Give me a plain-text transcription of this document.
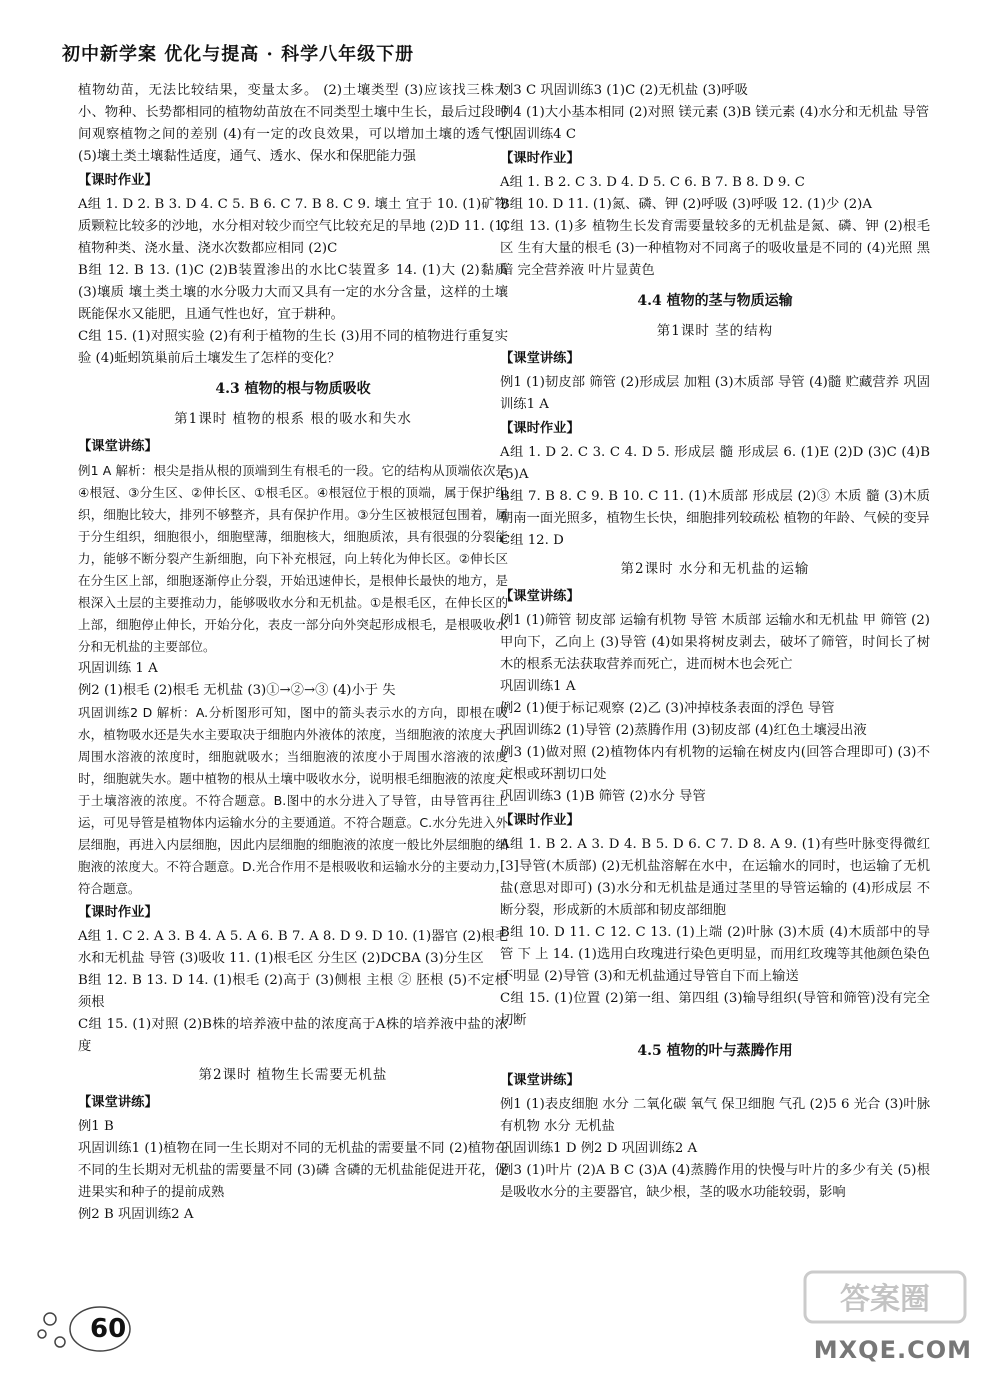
初中新学案 优化与提高 · 科学八年级下册
植物幼苗，无法比较结果，变量太多。 (2)土壤类型 (3)应该找三株大小、物种、长势都相同的植物幼苗放在不同类型土壤中生长，最后过段时间观察植物之间的差别 (4)有一定的改良效果，可以增加土壤的透气性 (5)壤土类土壤黏性适度，通气、透水、保水和保肥能力强
【 课时作业 】
A组 1. D 2. B 3. D 4. C 5. B 6. C 7. B 8. C 9. 壤土 宜于 10. (1)矿物质颗粒比较多的沙地，水分相对较少而空气比较充足的旱地 (2)D 11. (1)植物种类、浇水量、浇水次数都应相同 (2)C
B组 12. B 13. (1)C (2)B装置渗出的水比C装置多 14. (1)大 (2)黏质 (3)壤质 壤土类土壤的水分吸力大而又具有一定的水分含量，这样的土壤既能保水又能肥，且通气性也好，宜于耕种。
C组 15. (1)对照实验 (2)有利于植物的生长 (3)用不同的植物进行重复实验 (4)蚯蚓筑巢前后土壤发生了怎样的变化？
4.3 植物的根与物质吸收
第1课时 植物的根系 根的吸水和失水
【 课堂讲练 】
例1 A 解析：根尖是指从根的顶端到生有根毛的一段。它的结构从顶端依次是④根冠、③分生区、②伸长区、①根毛区。④根冠位于根的顶端，属于保护组织，细胞比较大，排列不够整齐，具有保护作用。③分生区被根冠包围着，属于分生组织，细胞很小，细胞壁薄，细胞核大，细胞质浓，具有很强的分裂能力，能够不断分裂产生新细胞，向下补充根冠，向上转化为伸长区。②伸长区在分生区上部，细胞逐渐停止分裂，开始迅速伸长，是根伸长最快的地方，是根深入土层的主要推动力，能够吸收水分和无机盐。①是根毛区，在伸长区的上部，细胞停止伸长，开始分化，表皮一部分向外突起形成根毛，是根吸收水分和无机盐的主要部位。
巩固训练 1 A
例2 (1)根毛 (2)根毛 无机盐 (3)①→②→③ (4)小于 失
巩固训练2 D 解析：A.分析图形可知，图中的箭头表示水的方向，即根在吸水，植物吸水还是失水主要取决于细胞内外液体的浓度，当细胞液的浓度大于周围水溶液的浓度时，细胞就吸水；当细胞液的浓度小于周围水溶液的浓度时，细胞就失水。题中植物的根从土壤中吸收水分，说明根毛细胞液的浓度大于土壤溶液的浓度。不符合题意。B.图中的水分进入了导管，由导管再往上运，可见导管是植物体内运输水分的主要通道。不符合题意。C.水分先进入外层细胞，再进入内层细胞，因此内层细胞的细胞液的浓度一般比外层细胞的细胞液的浓度大。不符合题意。D.光合作用不是根吸收和运输水分的主要动力，符合题意。
【 课时作业 】
A组 1. C 2. A 3. B 4. A 5. A 6. B 7. A 8. D 9. D 10. (1)器官 (2)根毛 水和无机盐 导管 (3)吸收 11. (1)根毛区 分生区 (2)DCBA (3)分生区
B组 12. B 13. D 14. (1)根毛 (2)高于 (3)侧根 主根 ② 胚根 (5)不定根 须根
C组 15. (1)对照 (2)B株的培养液中盐的浓度高于A株的培养液中盐的浓度
第2课时 植物生长需要无机盐
【 课堂讲练 】
例1 B
巩固训练1 (1)植物在同一生长期对不同的无机盐的需要量不同 (2)植物在不同的生长期对无机盐的需要量不同 (3)磷 含磷的无机盐能促进开花，促进果实和种子的提前成熟
例2 B 巩固训练2 A
例3 C 巩固训练3 (1)C (2)无机盐 (3)呼吸
例4 (1)大小基本相同 (2)对照 镁元素 (3)B 镁元素 (4)水分和无机盐 导管
巩固训练4 C
【 课时作业 】
A组 1. B 2. C 3. D 4. D 5. C 6. B 7. B 8. D 9. C
B组 10. D 11. (1)氮、磷、钾 (2)呼吸 (3)呼吸 12. (1)少 (2)A
C组 13. (1)多 植物生长发育需要量较多的无机盐是氮、磷、钾 (2)根毛区 生有大量的根毛 (3)一种植物对不同离子的吸收量是不同的 (4)光照 黑暗 完全营养液 叶片显黄色
4.4 植物的茎与物质运输
第1课时 茎的结构
【 课堂讲练 】
例1 (1)韧皮部 筛管 (2)形成层 加粗 (3)木质部 导管 (4)髓 贮藏营养 巩固训练1 A
【 课时作业 】
A组 1. D 2. C 3. C 4. D 5. 形成层 髓 形成层 6. (1)E (2)D (3)C (4)B (5)A
B组 7. B 8. C 9. B 10. C 11. (1)木质部 形成层 (2)③ 木质 髓 (3)木质 朝南一面光照多，植物生长快，细胞排列较疏松 植物的年龄、气候的变异
C组 12. D
第2课时 水分和无机盐的运输
【 课堂讲练 】
例1 (1)筛管 韧皮部 运输有机物 导管 木质部 运输水和无机盐 甲 筛管 (2)甲向下，乙向上 (3)导管 (4)如果将树皮剥去，破坏了筛管，时间长了树木的根系无法获取营养而死亡，进而树木也会死亡
巩固训练1 A
例2 (1)便于标记观察 (2)乙 (3)冲掉枝条表面的浮色 导管
巩固训练2 (1)导管 (2)蒸腾作用 (3)韧皮部 (4)红色土壤浸出液
例3 (1)做对照 (2)植物体内有机物的运输在树皮内(回答合理即可) (3)不定根或环割切口处
巩固训练3 (1)B 筛管 (2)水分 导管
【 课时作业 】
A组 1. B 2. A 3. D 4. B 5. D 6. C 7. D 8. A 9. (1)有些叶脉变得微红 [3]导管(木质部) (2)无机盐溶解在水中，在运输水的同时，也运输了无机盐(意思对即可) (3)水分和无机盐是通过茎里的导管运输的 (4)形成层 不断分裂，形成新的木质部和韧皮部细胞
B组 10. D 11. C 12. C 13. (1)上端 (2)叶脉 (3)木质 (4)木质部中的导管 下 上 14. (1)选用白玫瑰进行染色更明显，而用红玫瑰等其他颜色染色不明显 (2)导管 (3)和无机盐通过导管自下而上输送
C组 15. (1)位置 (2)第一组、第四组 (3)输导组织(导管和筛管)没有完全切断
4.5 植物的叶与蒸腾作用
【 课堂讲练 】
例1 (1)表皮细胞 水分 二氧化碳 氧气 保卫细胞 气孔 (2)5 6 光合 (3)叶脉 有机物 水分 无机盐
巩固训练1 D 例2 D 巩固训练2 A
例3 (1)叶片 (2)A B C (3)A (4)蒸腾作用的快慢与叶片的多少有关 (5)根是吸收水分的主要器官，缺少根，茎的吸水功能较弱，影响
60
答案圈
MXQE.COM
